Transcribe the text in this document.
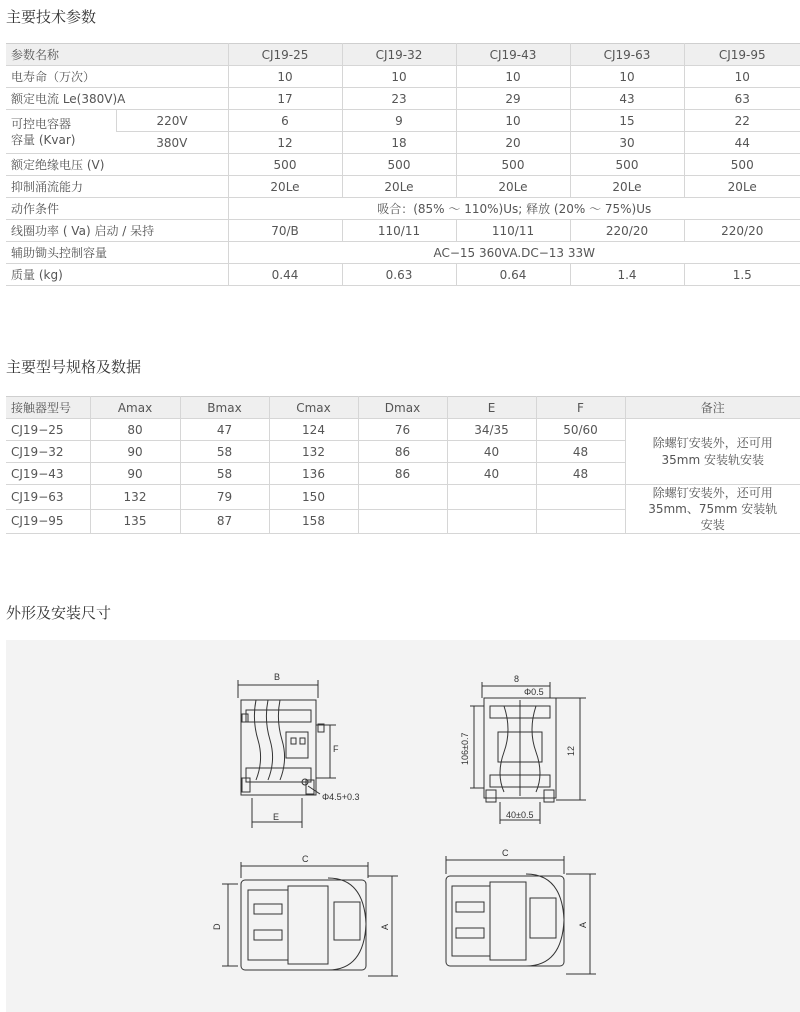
主要技术参数
参数名称		CJ19-25	CJ19-32	CJ19-43	CJ19-63	CJ19-95
电寿命（万次）		10	10	10	10	10
额定电流 Le(380V)A		17	23	29	43	63
可控电容器
容量 (Kvar)	220V	6	9	10	15	22
	380V	12	18	20	30	44
额定绝缘电压 (V)		500	500	500	500	500
抑制涌流能力		20Le	20Le	20Le	20Le	20Le
动作条件		吸合：(85% ～ 110%)Us; 释放 (20% ～ 75%)Us				
线圈功率 ( Va) 启动 / 呆持		70/B	110/11	110/11	220/20	220/20
辅助锄头控制容量		AC−15 360VA.DC−13 33W				
质量 (kg)		0.44	0.63	0.64	1.4	1.5
主要型号规格及数据
接触器型号	Amax	Bmax	Cmax	Dmax	E	F	备注
CJ19−25	80	47	124	76	34/35	50/60	除螺钉安装外，还可用
35mm 安装轨安装
CJ19−32	90	58	132	86	40	48	
CJ19−43	90	58	136	86	40	48	
CJ19−63	132	79	150				除螺钉安装外，还可用
35mm、75mm 安装轨
安装
CJ19−95	135	87	158				
外形及安装尺寸
B
F
E
Φ4.5+0.3
8
Φ0.5
106±0.7	12
40±0.5
C
D	A
C
A
